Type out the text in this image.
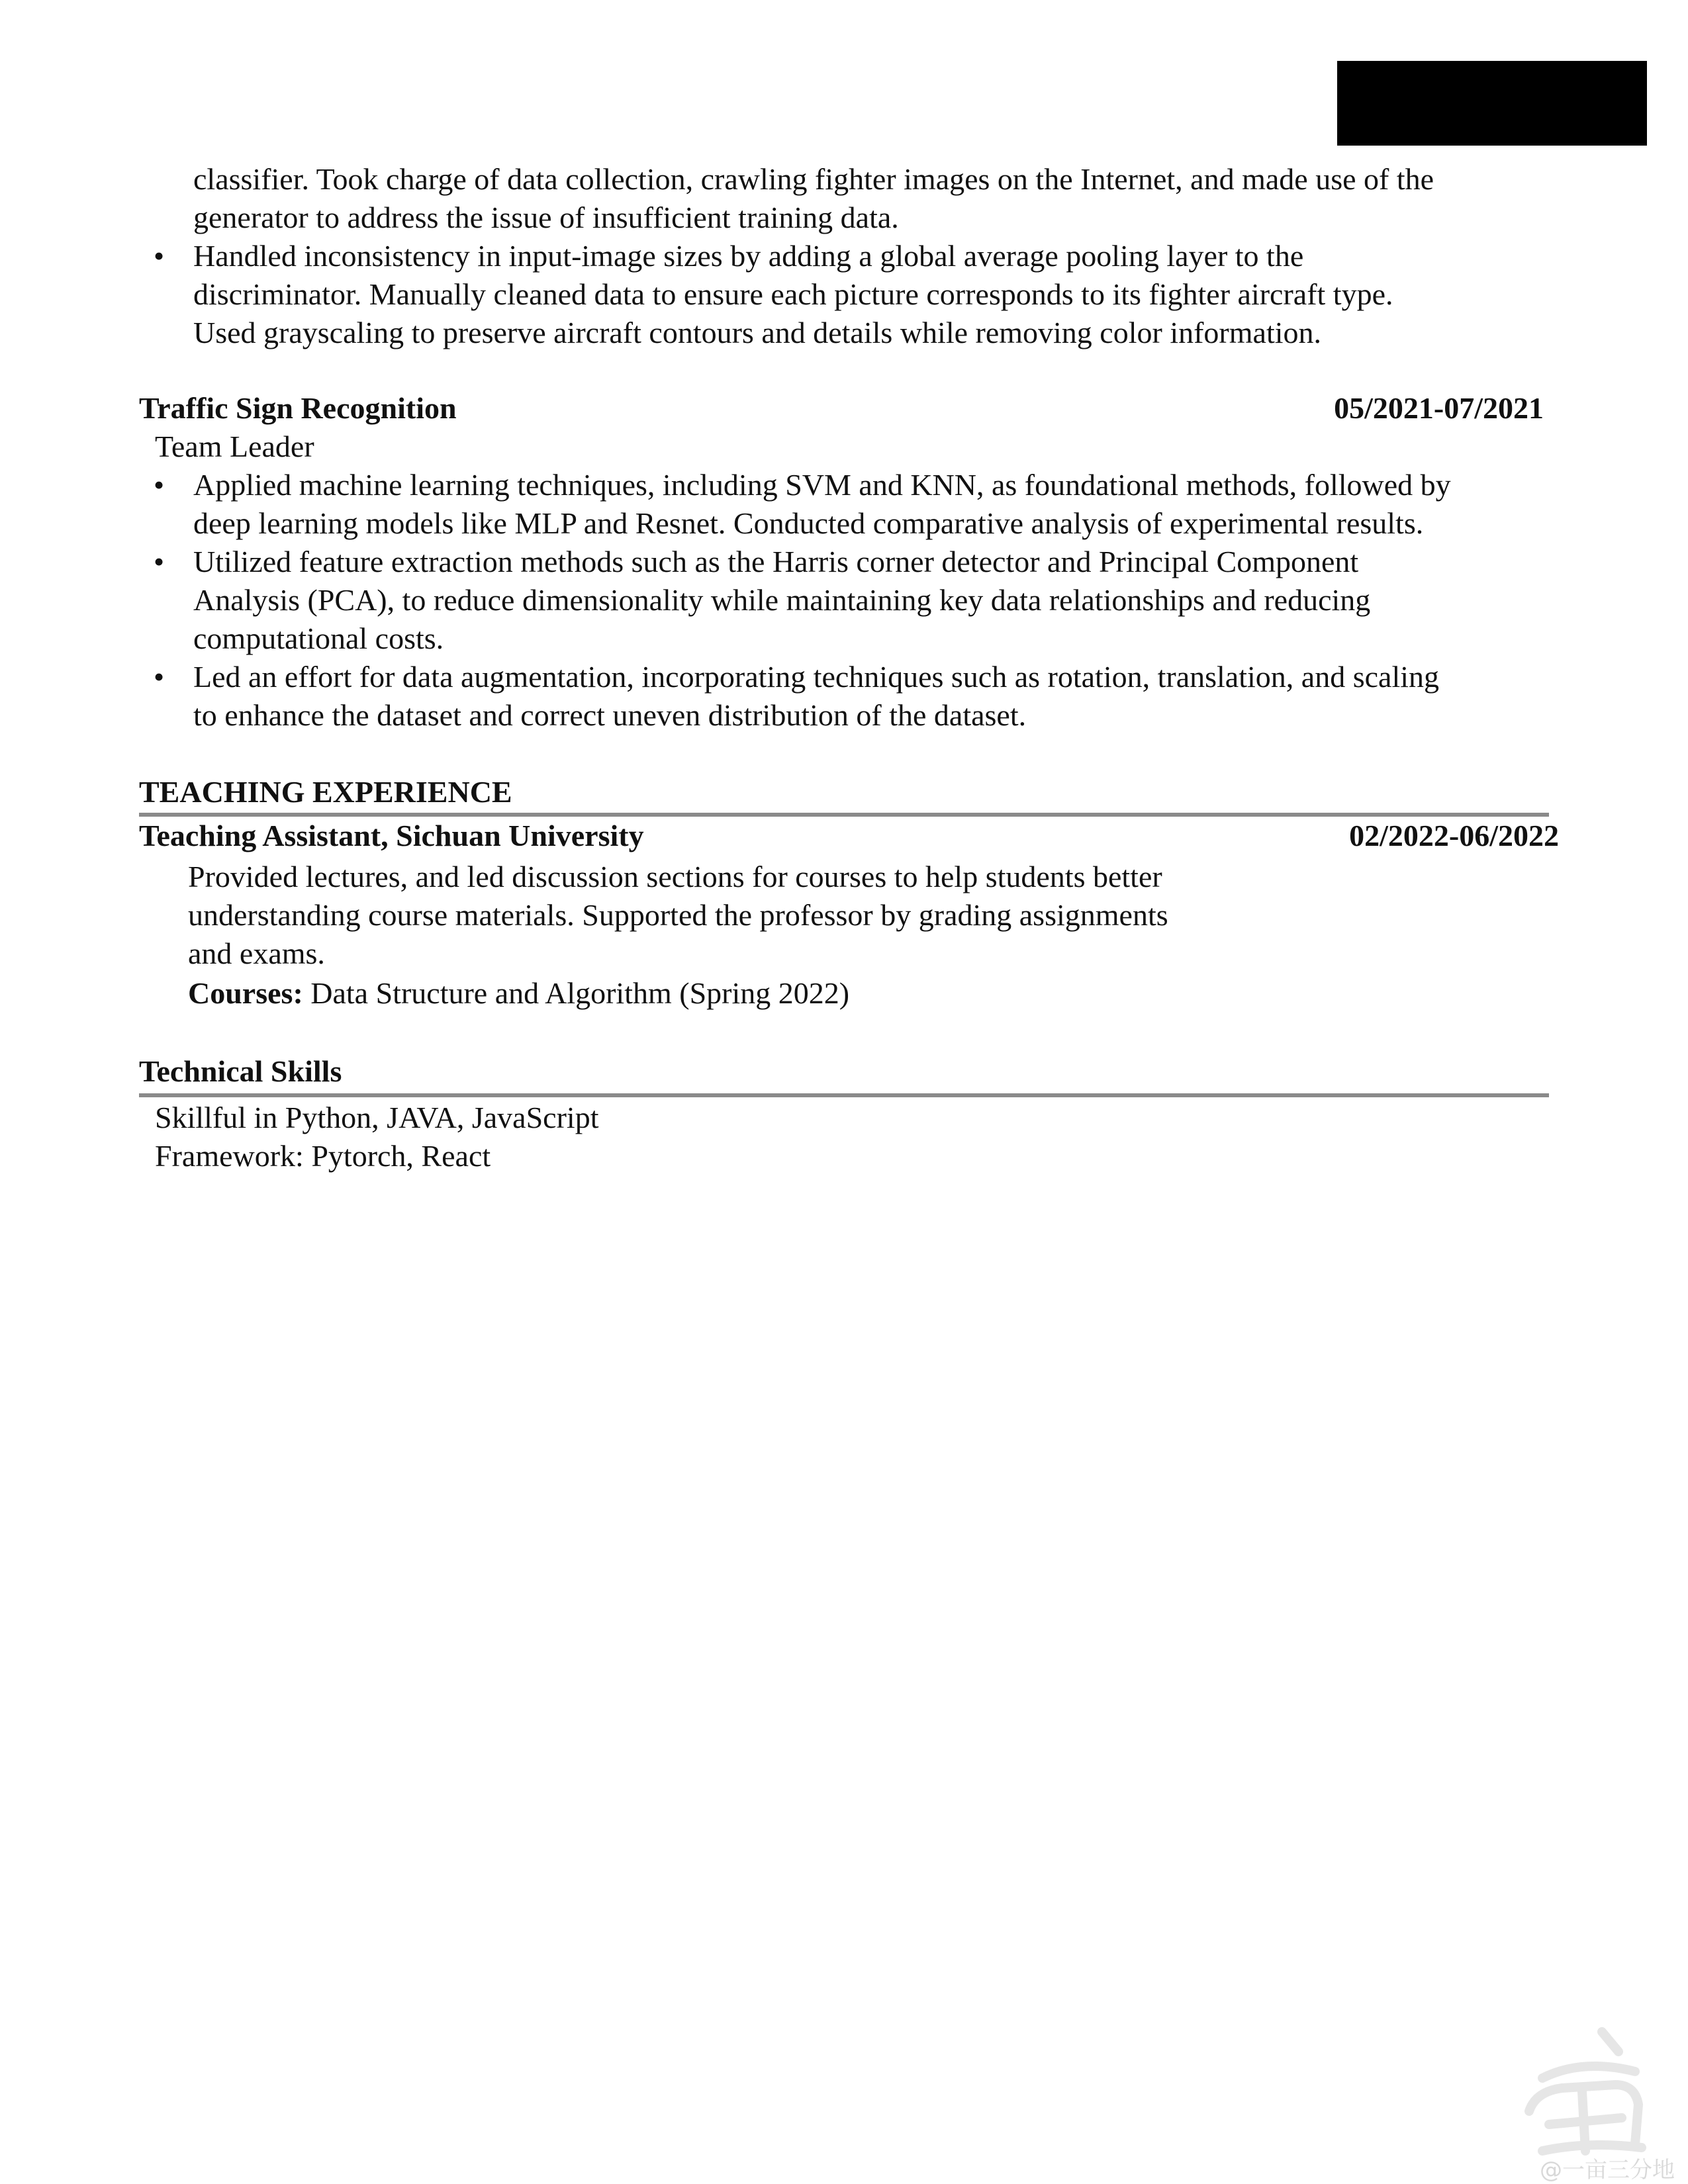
classifier. Took charge of data collection, crawling fighter images on the Internet, and made use of the
generator to address the issue of insufficient training data.
• Handled inconsistency in input-image sizes by adding a global average pooling layer to the
discriminator. Manually cleaned data to ensure each picture corresponds to its fighter aircraft type.
Used grayscaling to preserve aircraft contours and details while removing color information.
Traffic Sign Recognition	05/2021-07/2021
Team Leader
• Applied machine learning techniques, including SVM and KNN, as foundational methods, followed by
deep learning models like MLP and Resnet. Conducted comparative analysis of experimental results.
• Utilized feature extraction methods such as the Harris corner detector and Principal Component
Analysis (PCA), to reduce dimensionality while maintaining key data relationships and reducing
computational costs.
• Led an effort for data augmentation, incorporating techniques such as rotation, translation, and scaling
to enhance the dataset and correct uneven distribution of the dataset.
TEACHING EXPERIENCE
Teaching Assistant, Sichuan University	02/2022-06/2022
Provided lectures, and led discussion sections for courses to help students better
understanding course materials. Supported the professor by grading assignments
and exams.
Courses: Data Structure and Algorithm (Spring 2022)
Technical Skills
Skillful in Python, JAVA, JavaScript
Framework: Pytorch, React
@一亩三分地
